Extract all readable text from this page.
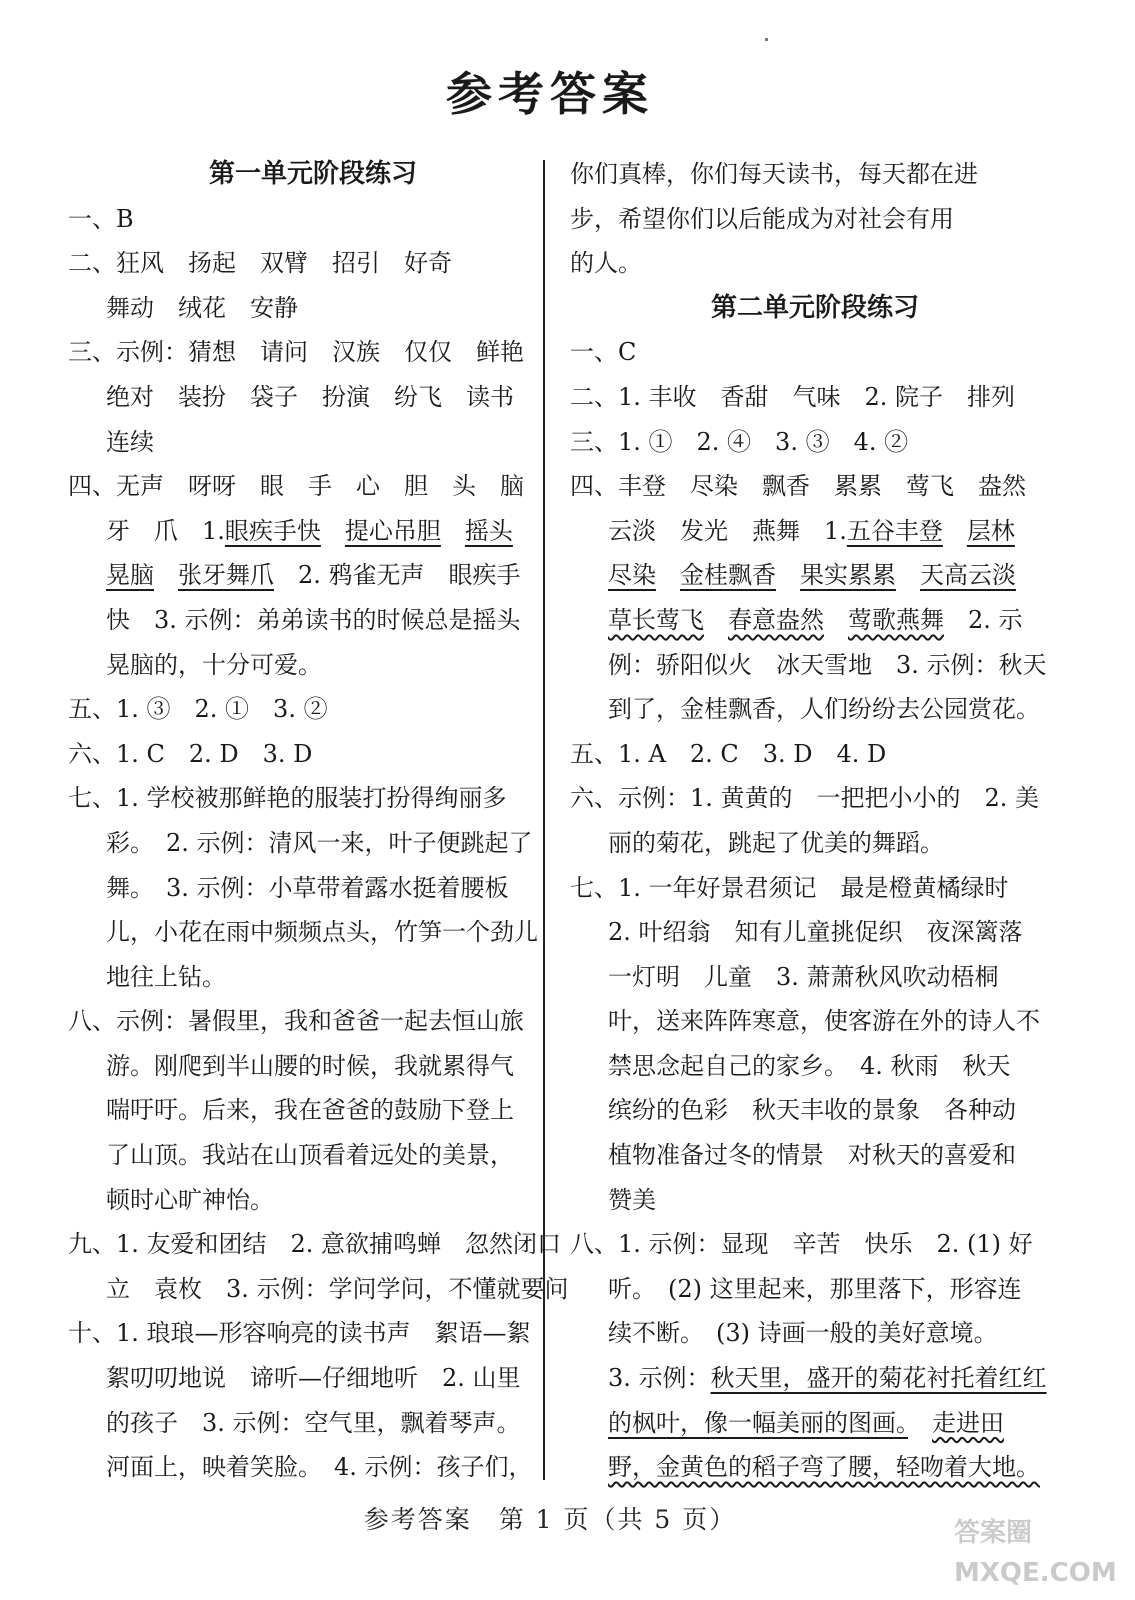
参考答案
第一单元阶段练习
一、B
二、狂风　扬起　双臂　招引　好奇
舞动　绒花　安静
三、示例：猜想　请问　汉族　仅仅　鲜艳
绝对　装扮　袋子　扮演　纷飞　读书
连续
四、无声　呀呀　眼　手　心　胆　头　脑
牙　爪　1.眼疾手快　 提心吊胆　 摇头
晃脑　 张牙舞爪　 2. 鸦雀无声　眼疾手
快　3. 示例：弟弟读书的时候总是摇头
晃脑的，十分可爱。
五、1. ③　2. ①　3. ②
六、1. C　2. D　3. D
七、1. 学校被那鲜艳的服装打扮得绚丽多
彩。　2. 示例：清风一来，叶子便跳起了
舞。　3. 示例：小草带着露水挺着腰板
儿，小花在雨中频频点头，竹笋一个劲儿
地往上钻。
八、示例：暑假里，我和爸爸一起去恒山旅
游。刚爬到半山腰的时候，我就累得气
喘吁吁。后来，我在爸爸的鼓励下登上
了山顶。我站在山顶看着远处的美景，
顿时心旷神怡。
九、1. 友爱和团结　2. 意欲捕鸣蝉　忽然闭口
立　袁枚　3. 示例：学问学问，不懂就要问
十、1. 琅琅—形容响亮的读书声　絮语—絮
絮叨叨地说　谛听—仔细地听　2. 山里
的孩子　3. 示例：空气里，飘着琴声。
河面上，映着笑脸。　4. 示例：孩子们，
你们真棒，你们每天读书，每天都在进
步，希望你们以后能成为对社会有用
的人。
第二单元阶段练习
一、C
二、1. 丰收　香甜　气味　2. 院子　排列
三、1. ①　2. ④　3. ③　4. ②
四、丰登　尽染　飘香　累累　莺飞　盎然
云淡　发光　燕舞　1.五谷丰登　 层林
尽染　 金桂飘香　 果实累累　 天高云淡
草长莺飞　 春意盎然　 莺歌燕舞　 2. 示
例：骄阳似火　冰天雪地　3. 示例：秋天
到了，金桂飘香，人们纷纷去公园赏花。
五、1. A　2. C　3. D　4. D
六、示例：1. 黄黄的　一把把小小的　2. 美
丽的菊花，跳起了优美的舞蹈。
七、1. 一年好景君须记　最是橙黄橘绿时
2. 叶绍翁　知有儿童挑促织　夜深篱落
一灯明　儿童　3. 萧萧秋风吹动梧桐
叶，送来阵阵寒意，使客游在外的诗人不
禁思念起自己的家乡。　4. 秋雨　秋天
缤纷的色彩　秋天丰收的景象　各种动
植物准备过冬的情景　对秋天的喜爱和
赞美
八、1. 示例：显现　辛苦　快乐　2. (1) 好
听。　(2) 这里起来，那里落下，形容连
续不断。　(3) 诗画一般的美好意境。
3. 示例：秋天里，盛开的菊花衬托着红红
的枫叶，像一幅美丽的图画。　 走进田
野，金黄色的稻子弯了腰，轻吻着大地。
参考答案　第 1 页（共 5 页）	答案圈
MXQE.COM
